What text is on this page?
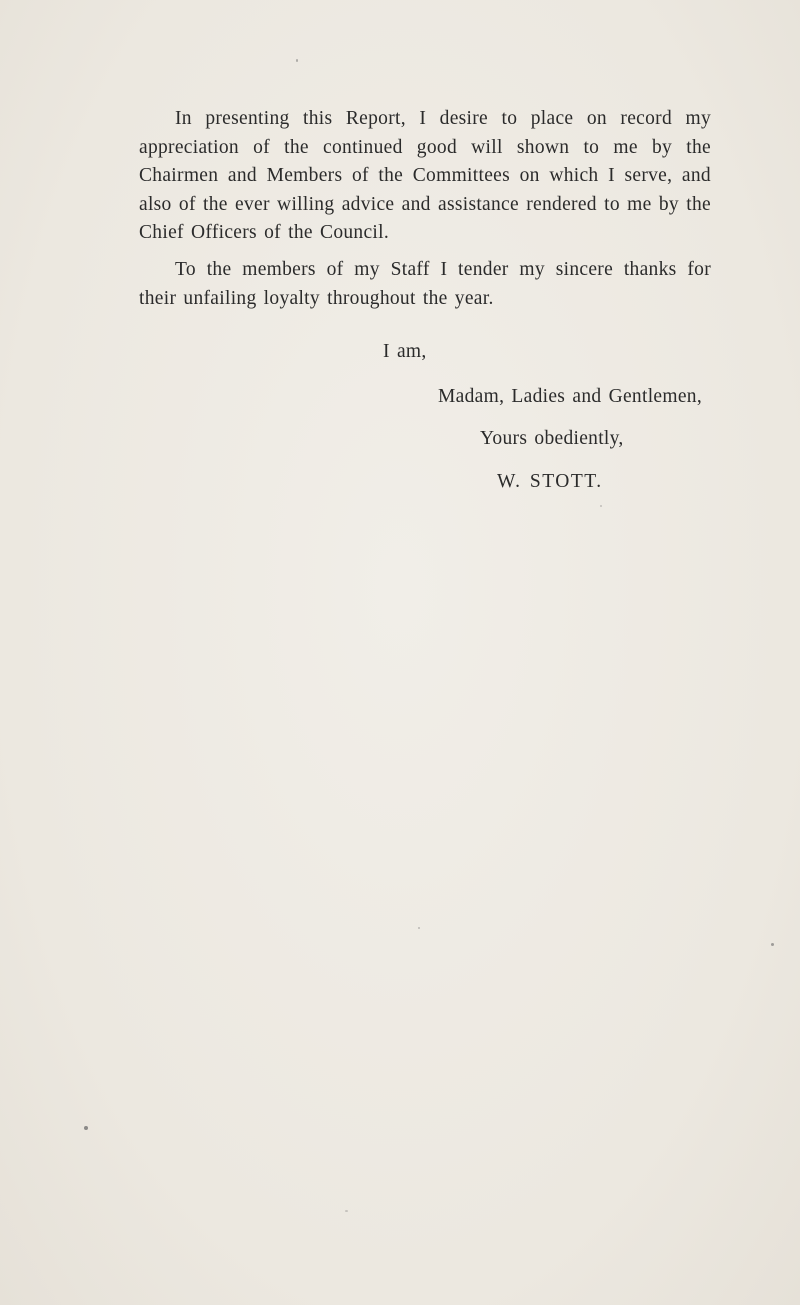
In presenting this Report, I desire to place on record my appreciation of the continued good will shown to me by the Chairmen and Members of the Committees on which I serve, and also of the ever willing advice and assistance rendered to me by the Chief Officers of the Council.

To the members of my Staff I tender my sincere thanks for their unfailing loyalty throughout the year.

I am,

Madam, Ladies and Gentlemen,

Yours obediently,

W. STOTT.
